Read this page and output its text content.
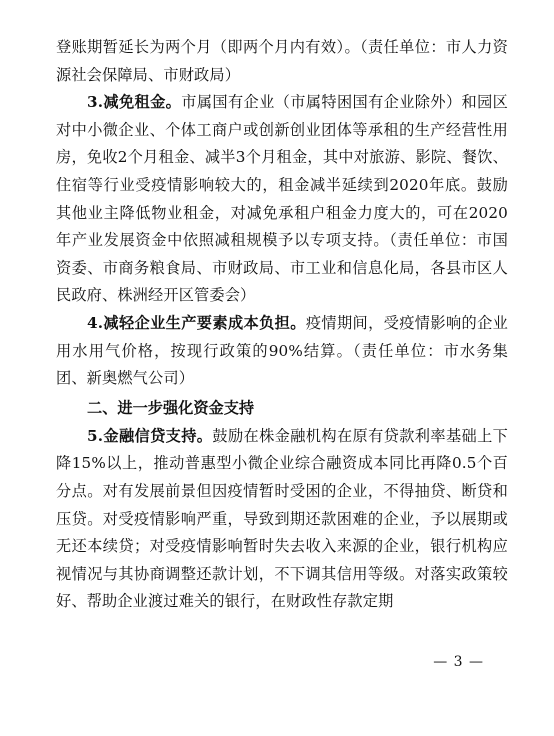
登账期暂延长为两个月（即两个月内有效）。（责任单位：市人力资源社会保障局、市财政局）

3.减免租金。市属国有企业（市属特困国有企业除外）和园区对中小微企业、个体工商户或创新创业团体等承租的生产经营性用房，免收2个月租金、减半3个月租金，其中对旅游、影院、餐饮、住宿等行业受疫情影响较大的，租金减半延续到2020年底。鼓励其他业主降低物业租金，对减免承租户租金力度大的，可在2020年产业发展资金中依照减租规模予以专项支持。（责任单位：市国资委、市商务粮食局、市财政局、市工业和信息化局，各县市区人民政府、株洲经开区管委会）

4.减轻企业生产要素成本负担。疫情期间，受疫情影响的企业用水用气价格，按现行政策的90%结算。（责任单位：市水务集团、新奥燃气公司）

二、进一步强化资金支持

5.金融信贷支持。鼓励在株金融机构在原有贷款利率基础上下降15%以上，推动普惠型小微企业综合融资成本同比再降0.5个百分点。对有发展前景但因疫情暂时受困的企业，不得抽贷、断贷和压贷。对受疫情影响严重，导致到期还款困难的企业，予以展期或无还本续贷；对受疫情影响暂时失去收入来源的企业，银行机构应视情况与其协商调整还款计划，不下调其信用等级。对落实政策较好、帮助企业渡过难关的银行，在财政性存款定期

— 3 —
